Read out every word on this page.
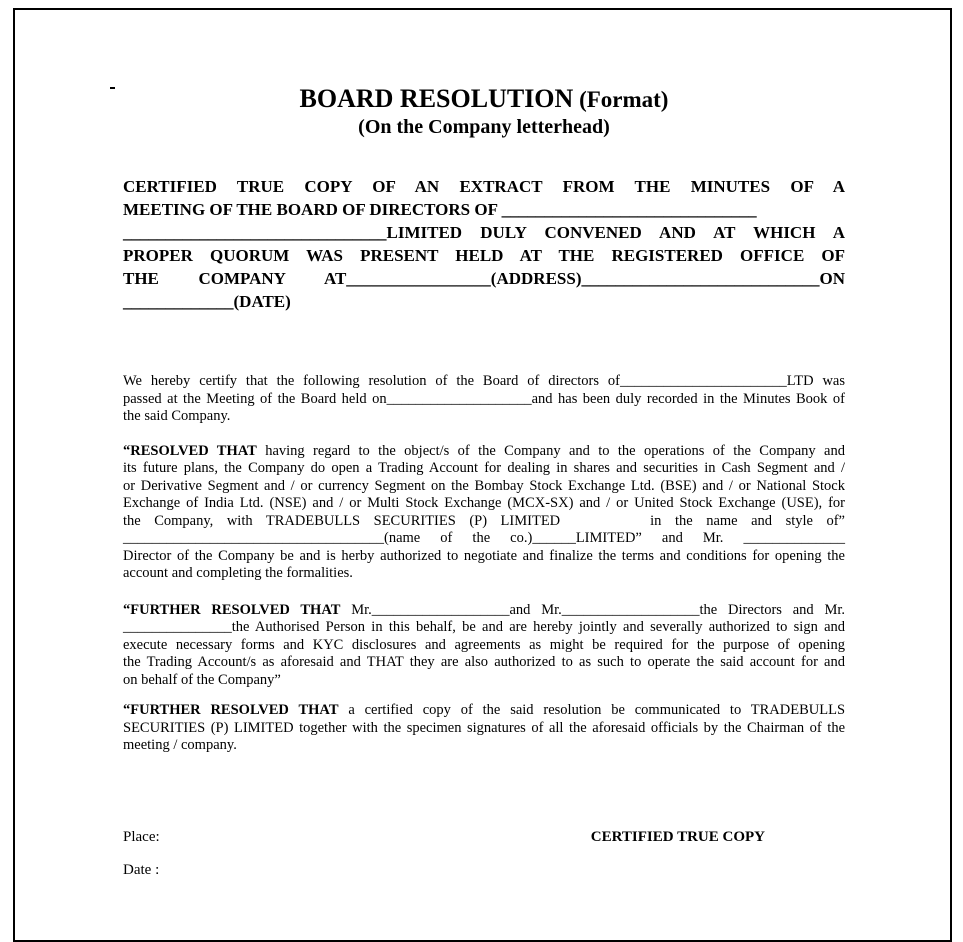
BOARD RESOLUTION (Format)
(On the Company letterhead)
CERTIFIED TRUE COPY OF AN EXTRACT FROM THE MINUTES OF A
MEETING OF THE BOARD OF DIRECTORS OF ______________________________
_______________________________LIMITED DULY CONVENED AND AT WHICH A
PROPER QUORUM WAS PRESENT HELD AT THE REGISTERED OFFICE OF
THE COMPANY AT_________________(ADDRESS)____________________________ON
_____________(DATE)
We hereby certify that the following resolution of the Board of directors of_______________________LTD was
passed at the Meeting of the Board held on____________________and has been duly recorded in the Minutes Book of
the said Company.
“RESOLVED THAT having regard to the object/s of the Company and to the operations of the Company and
its future plans, the Company do open a Trading Account for dealing in shares and securities in Cash Segment and /
or Derivative Segment and / or currency Segment on the Bombay Stock Exchange Ltd. (BSE) and / or National Stock
Exchange of India Ltd. (NSE) and / or Multi Stock Exchange (MCX-SX) and / or United Stock Exchange (USE), for
the Company, with TRADEBULLS SECURITIES (P) LIMITED	in the name and style of”
____________________________________(name of the co.)______LIMITED” and Mr. ______________
Director of the Company be and is herby authorized to negotiate and finalize the terms and conditions for opening the
account and completing the formalities.
“FURTHER RESOLVED THAT Mr.___________________and Mr.___________________the Directors and Mr.
_______________the Authorised Person in this behalf, be and are hereby jointly and severally authorized to sign and
execute necessary forms and KYC disclosures and agreements as might be required for the purpose of opening
the Trading Account/s as aforesaid and THAT they are also authorized to as such to operate the said account for and
on behalf of the Company”
“FURTHER RESOLVED THAT a certified copy of the said resolution be communicated to TRADEBULLS
SECURITIES (P) LIMITED together with the specimen signatures of all the aforesaid officials by the Chairman of the
meeting / company.
Place:	CERTIFIED TRUE COPY
Date :
